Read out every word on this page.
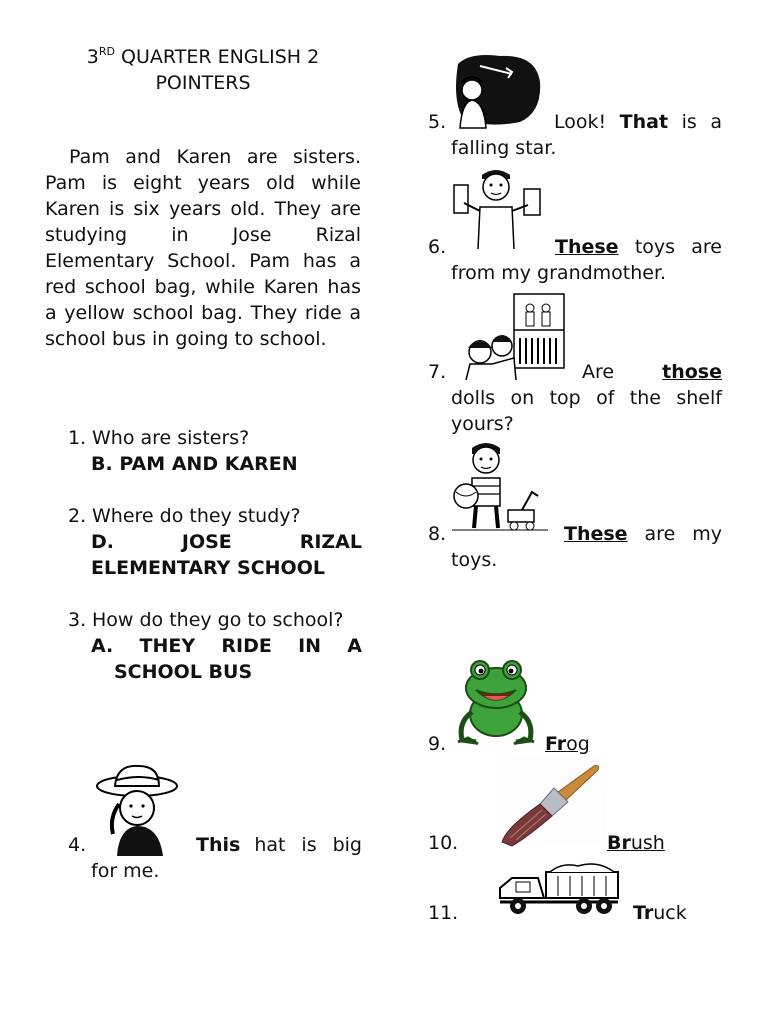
3RD QUARTER ENGLISH 2
POINTERS
Pam and Karen are sisters. Pam is eight years old while Karen is six years old. They are studying in Jose Rizal Elementary School. Pam has a red school bag, while Karen has a yellow school bag. They ride a school bus in going to school.
1. Who are sisters?
B. PAM AND KAREN
2. Where do they study?
D. JOSE RIZAL
ELEMENTARY SCHOOL
3. How do they go to school?
A. THEY RIDE IN A
SCHOOL BUS
4.	This hat is big
for me.
5.	Look! That is a
falling star.
6.	These toys are
from my grandmother.
7.	Are	those
dolls on top of the shelf
yours?
8.	These are my
toys.
9.	Frog
10.	Brush
11.	Truck
